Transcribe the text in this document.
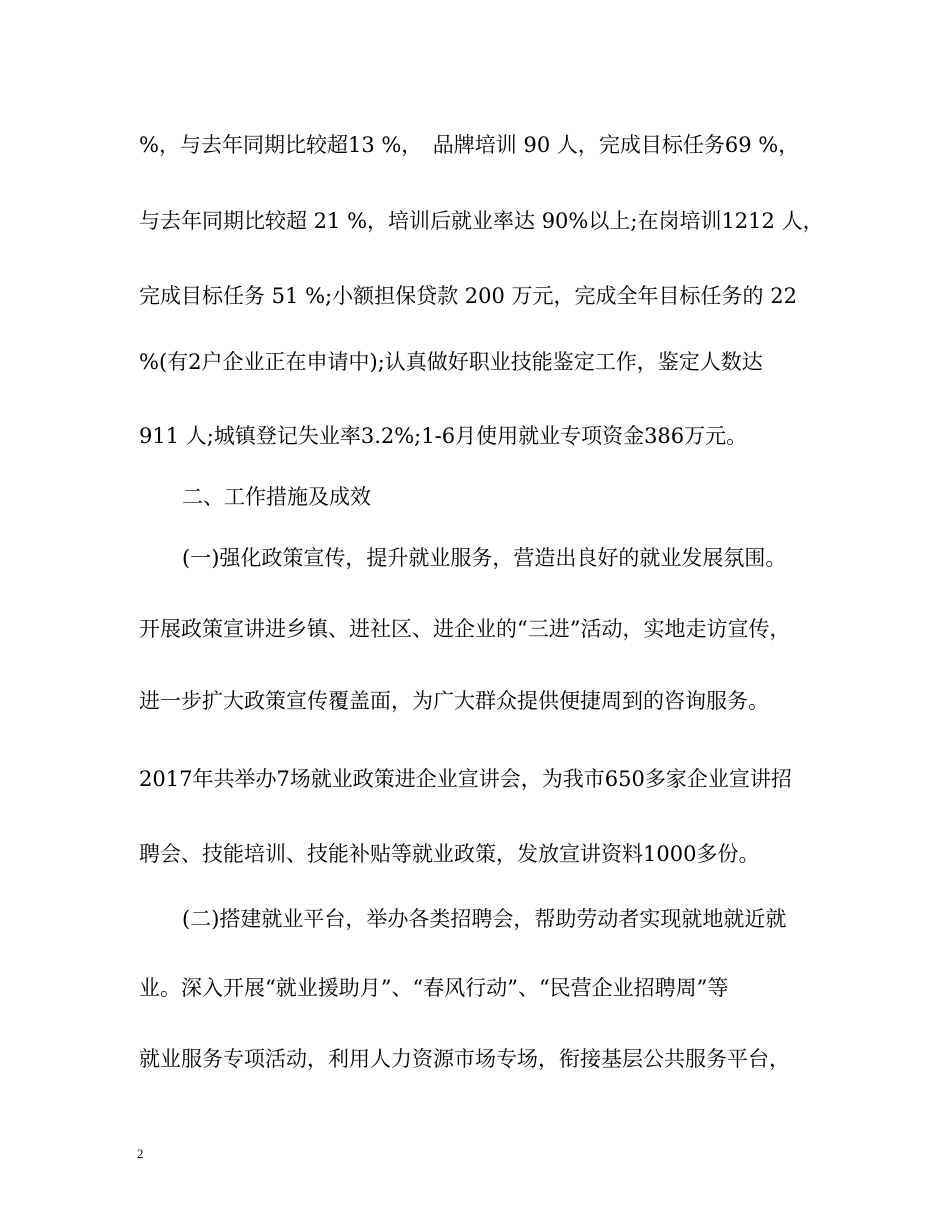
%，与去年同期比较超13 %，　品牌培训 90 人，完成目标任务69 %，
与去年同期比较超 21 %，培训后就业率达 90%以上;在岗培训1212 人，
完成目标任务 51 %;小额担保贷款 200 万元，完成全年目标任务的 22
%(有2户企业正在申请中);认真做好职业技能鉴定工作，鉴定人数达
911 人;城镇登记失业率3.2%;1-6月使用就业专项资金386万元。
二、工作措施及成效
(一)强化政策宣传，提升就业服务，营造出良好的就业发展氛围。
开展政策宣讲进乡镇、进社区、进企业的“三进”活动，实地走访宣传，
进一步扩大政策宣传覆盖面，为广大群众提供便捷周到的咨询服务。
2017年共举办7场就业政策进企业宣讲会，为我市650多家企业宣讲招
聘会、技能培训、技能补贴等就业政策，发放宣讲资料1000多份。
(二)搭建就业平台，举办各类招聘会，帮助劳动者实现就地就近就
业。深入开展“就业援助月”、“春风行动”、“民营企业招聘周”等
就业服务专项活动，利用人力资源市场专场，衔接基层公共服务平台，
2
